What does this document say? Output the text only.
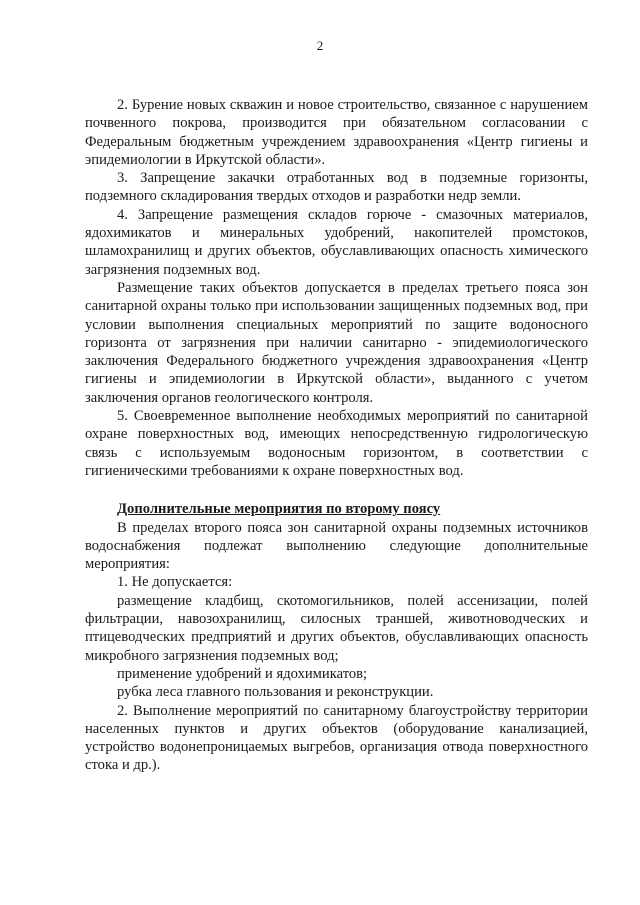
2

2. Бурение новых скважин и новое строительство, связанное с нарушением почвенного покрова, производится при обязательном согласовании с Федеральным бюджетным учреждением здравоохранения «Центр гигиены и эпидемиологии в Иркутской области».

3. Запрещение закачки отработанных вод в подземные горизонты, подземного складирования твердых отходов и разработки недр земли.

4. Запрещение размещения складов горюче - смазочных материалов, ядохимикатов и минеральных удобрений, накопителей промстоков, шламохранилищ и других объектов, обуславливающих опасность химического загрязнения подземных вод.

Размещение таких объектов допускается в пределах третьего пояса зон санитарной охраны только при использовании защищенных подземных вод, при условии выполнения специальных мероприятий по защите водоносного горизонта от загрязнения при наличии санитарно - эпидемиологического заключения Федерального бюджетного учреждения здравоохранения «Центр гигиены и эпидемиологии в Иркутской области», выданного с учетом заключения органов геологического контроля.

5. Своевременное выполнение необходимых мероприятий по санитарной охране поверхностных вод, имеющих непосредственную гидрологическую связь с используемым водоносным горизонтом, в соответствии с гигиеническими требованиями к охране поверхностных вод.

Дополнительные мероприятия по второму поясу

В пределах второго пояса зон санитарной охраны подземных источников водоснабжения подлежат выполнению следующие дополнительные мероприятия:

1. Не допускается:

размещение кладбищ, скотомогильников, полей ассенизации, полей фильтрации, навозохранилищ, силосных траншей, животноводческих и птицеводческих предприятий и других объектов, обуславливающих опасность микробного загрязнения подземных вод;

применение удобрений и ядохимикатов;

рубка леса главного пользования и реконструкции.

2. Выполнение мероприятий по санитарному благоустройству территории населенных пунктов и других объектов (оборудование канализацией, устройство водонепроницаемых выгребов, организация отвода поверхностного стока и др.).
